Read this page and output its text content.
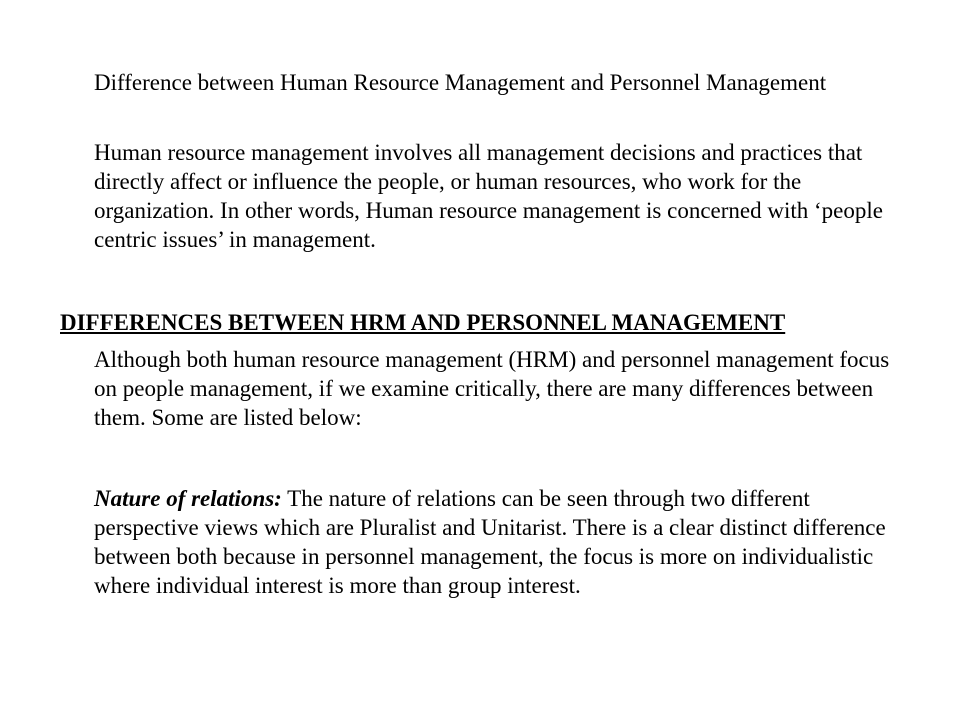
Difference between Human Resource Management and Personnel Management

Human resource management involves all management decisions and practices that directly affect or influence the people, or human resources, who work for the organization. In other words, Human resource management is concerned with ‘people centric issues’ in management.

DIFFERENCES BETWEEN HRM AND PERSONNEL MANAGEMENT

Although both human resource management (HRM) and personnel management focus on people management, if we examine critically, there are many differences between them. Some are listed below:

Nature of relations: The nature of relations can be seen through two different perspective views which are Pluralist and Unitarist. There is a clear distinct difference between both because in personnel management, the focus is more on individualistic where individual interest is more than group interest.
